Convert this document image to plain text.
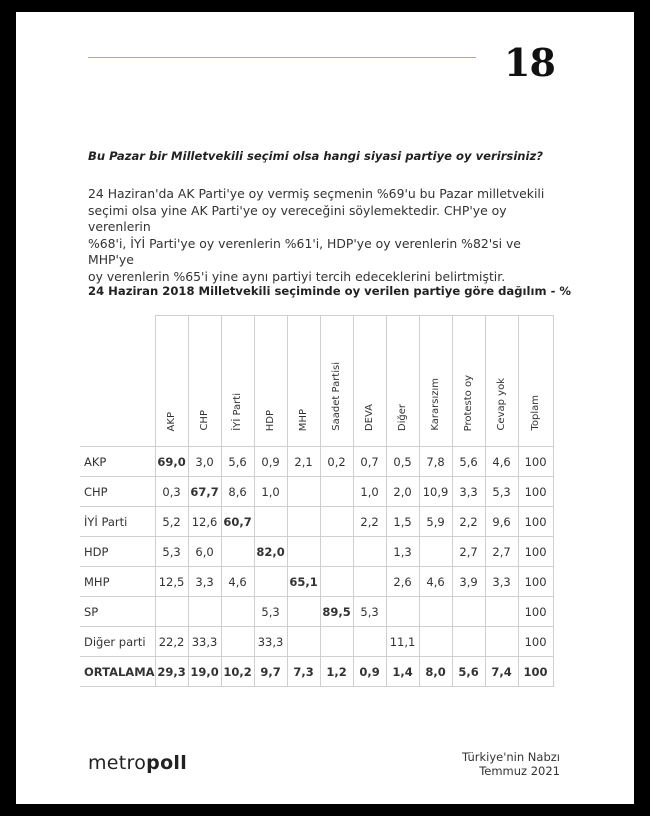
18
Bu Pazar bir Milletvekili seçimi olsa hangi siyasi partiye oy verirsiniz?
24 Haziran'da AK Parti'ye oy vermiş seçmenin %69'u bu Pazar milletvekili
seçimi olsa yine AK Parti'ye oy vereceğini söylemektedir. CHP'ye oy verenlerin
%68'i, İYİ Parti'ye oy verenlerin %61'i, HDP'ye oy verenlerin %82'si ve MHP'ye
oy verenlerin %65'i yine aynı partiyi tercih edeceklerini belirtmiştir.
24 Haziran 2018 Milletvekili seçiminde oy verilen partiye göre dağılım - %
	AKP	CHP	İYİ Parti	HDP	MHP	Saadet Partisi	DEVA	Diğer	Kararsızım	Protesto oy	Cevap yok	Toplam
AKP	69,0	3,0	5,6	0,9	2,1	0,2	0,7	0,5	7,8	5,6	4,6	100
CHP	0,3	67,7	8,6	1,0			1,0	2,0	10,9	3,3	5,3	100
İYİ Parti	5,2	12,6	60,7				2,2	1,5	5,9	2,2	9,6	100
HDP	5,3	6,0		82,0				1,3		2,7	2,7	100
MHP	12,5	3,3	4,6		65,1			2,6	4,6	3,9	3,3	100
SP				5,3		89,5	5,3					100
Diğer parti	22,2	33,3		33,3				11,1				100
ORTALAMA	29,3	19,0	10,2	9,7	7,3	1,2	0,9	1,4	8,0	5,6	7,4	100
metropoll	Türkiye'nin Nabzı
Temmuz 2021
